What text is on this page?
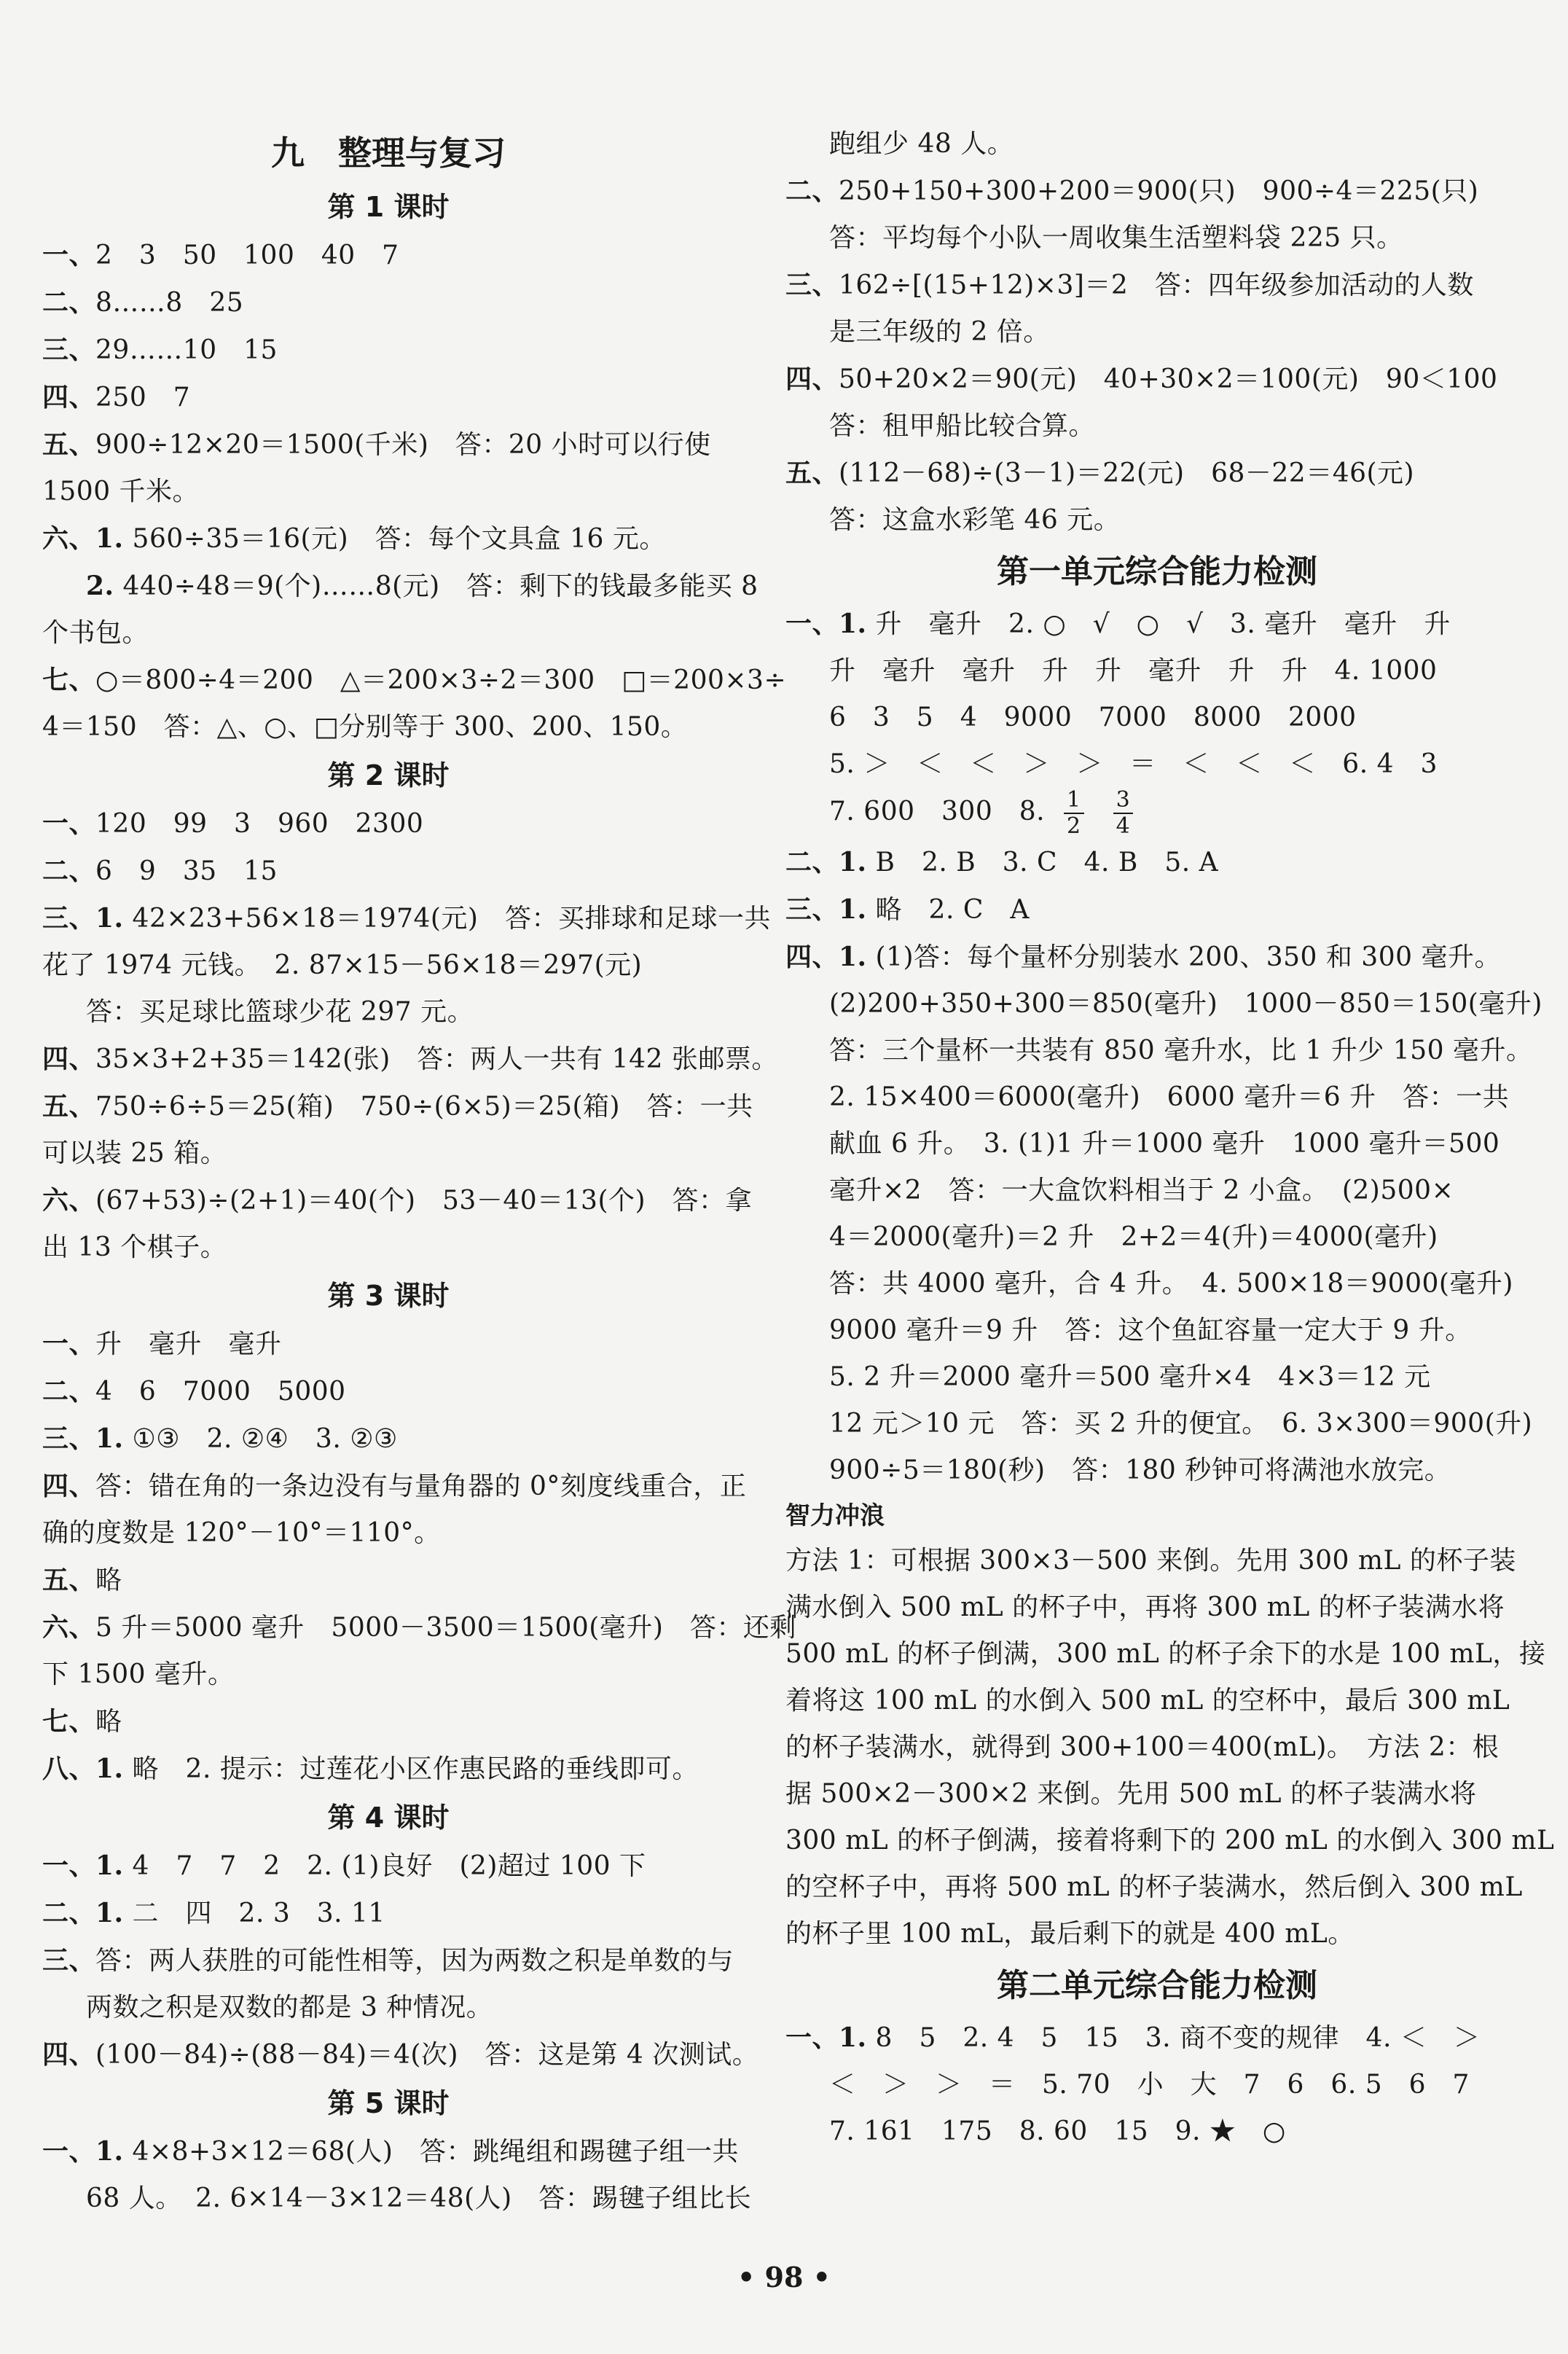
九　整理与复习
第 1 课时
一、2　3　50　100　40　7
二、8……8　25
三、29……10　15
四、250　7
五、900÷12×20＝1500(千米)　答：20 小时可以行使
1500 千米。
六、1. 560÷35＝16(元)　答：每个文具盒 16 元。
2. 440÷48＝9(个)……8(元)　答：剩下的钱最多能买 8
个书包。
七、○＝800÷4＝200　△＝200×3÷2＝300　□＝200×3÷
4＝150　答：△、○、□分别等于 300、200、150。
第 2 课时
一、120　99　3　960　2300
二、6　9　35　15
三、1. 42×23+56×18＝1974(元)　答：买排球和足球一共
花了 1974 元钱。　2. 87×15－56×18＝297(元)
答：买足球比篮球少花 297 元。
四、35×3+2+35＝142(张)　答：两人一共有 142 张邮票。
五、750÷6÷5＝25(箱)　750÷(6×5)＝25(箱)　答：一共
可以装 25 箱。
六、(67+53)÷(2+1)＝40(个)　53－40＝13(个)　答：拿
出 13 个棋子。
第 3 课时
一、升　毫升　毫升
二、4　6　7000　5000
三、1. ①③　2. ②④　3. ②③
四、答：错在角的一条边没有与量角器的 0°刻度线重合，正
确的度数是 120°－10°＝110°。
五、略
六、5 升＝5000 毫升　5000－3500＝1500(毫升)　答：还剩
下 1500 毫升。
七、略
八、1. 略　2. 提示：过莲花小区作惠民路的垂线即可。
第 4 课时
一、1. 4　7　7　2　2. (1)良好　(2)超过 100 下
二、1. 二　四　2. 3　3. 11
三、答：两人获胜的可能性相等，因为两数之积是单数的与
两数之积是双数的都是 3 种情况。
四、(100－84)÷(88－84)＝4(次)　答：这是第 4 次测试。
第 5 课时
一、1. 4×8+3×12＝68(人)　答：跳绳组和踢毽子组一共
68 人。　2. 6×14－3×12＝48(人)　答：踢毽子组比长
跑组少 48 人。
二、250+150+300+200＝900(只)　900÷4＝225(只)
答：平均每个小队一周收集生活塑料袋 225 只。
三、162÷[(15+12)×3]＝2　答：四年级参加活动的人数
是三年级的 2 倍。
四、50+20×2＝90(元)　40+30×2＝100(元)　90＜100
答：租甲船比较合算。
五、(112－68)÷(3－1)＝22(元)　68－22＝46(元)
答：这盒水彩笔 46 元。
第一单元综合能力检测
一、1. 升　毫升　2. ○　√　○　√　3. 毫升　毫升　升
升　毫升　毫升　升　升　毫升　升　升　4. 1000
6　3　5　4　9000　7000　8000　2000
5. ＞　＜　＜　＞　＞　＝　＜　＜　＜　6. 4　3
7. 600　300　8. $\frac{1}{2}$
$\frac{3}{4}$
二、1. B　2. B　3. C　4. B　5. A
三、1. 略　2. C　A
四、1. (1)答：每个量杯分别装水 200、350 和 300 毫升。
(2)200+350+300＝850(毫升)　1000－850＝150(毫升)
答：三个量杯一共装有 850 毫升水，比 1 升少 150 毫升。
2. 15×400＝6000(毫升)　6000 毫升＝6 升　答：一共
献血 6 升。　3. (1)1 升＝1000 毫升　1000 毫升＝500
毫升×2　答：一大盒饮料相当于 2 小盒。　(2)500×
4＝2000(毫升)＝2 升　2+2＝4(升)＝4000(毫升)
答：共 4000 毫升，合 4 升。　4. 500×18＝9000(毫升)
9000 毫升＝9 升　答：这个鱼缸容量一定大于 9 升。
5. 2 升＝2000 毫升＝500 毫升×4　4×3＝12 元
12 元＞10 元　答：买 2 升的便宜。　6. 3×300＝900(升)
900÷5＝180(秒)　答：180 秒钟可将满池水放完。
智力冲浪
方法 1：可根据 300×3－500 来倒。先用 300 mL 的杯子装
满水倒入 500 mL 的杯子中，再将 300 mL 的杯子装满水将
500 mL 的杯子倒满，300 mL 的杯子余下的水是 100 mL，接
着将这 100 mL 的水倒入 500 mL 的空杯中，最后 300 mL
的杯子装满水，就得到 300+100＝400(mL)。　方法 2：根
据 500×2－300×2 来倒。先用 500 mL 的杯子装满水将
300 mL 的杯子倒满，接着将剩下的 200 mL 的水倒入 300 mL
的空杯子中，再将 500 mL 的杯子装满水，然后倒入 300 mL
的杯子里 100 mL，最后剩下的就是 400 mL。
第二单元综合能力检测
一、1. 8　5　2. 4　5　15　3. 商不变的规律　4. ＜　＞
＜　＞　＞　＝　5. 70　小　大　7　6　6. 5　6　7
7. 161　175　8. 60　15　9. ★　○
• 98 •
